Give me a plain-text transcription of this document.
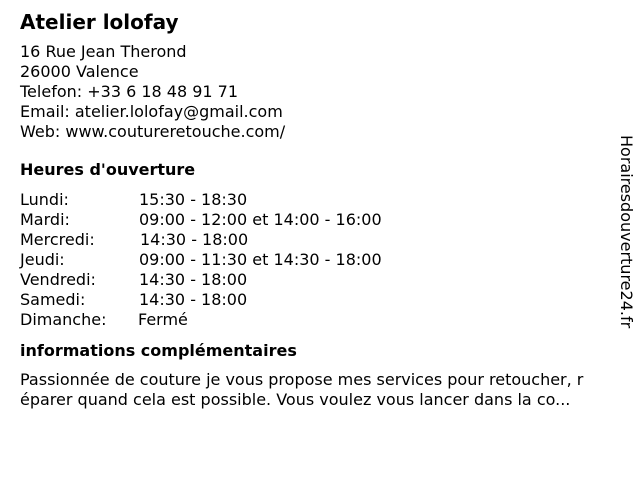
Atelier lolofay
16 Rue Jean Therond
26000 Valence
Telefon: +33 6 18 48 91 71
Email: atelier.lolofay@gmail.com
Web: www.coutureretouche.com/
Heures d'ouverture
Lundi:	15:30 - 18:30
Mardi:	09:00 - 12:00 et 14:00 - 16:00
Mercredi:	14:30 - 18:00
Jeudi:	09:00 - 11:30 et 14:30 - 18:00
Vendredi:	14:30 - 18:00
Samedi:	14:30 - 18:00
Dimanche:	Fermé
informations complémentaires
Passionnée de couture je vous propose mes services pour retoucher, r
éparer quand cela est possible. Vous voulez vous lancer dans la co...
Horairesdouverture24.fr
